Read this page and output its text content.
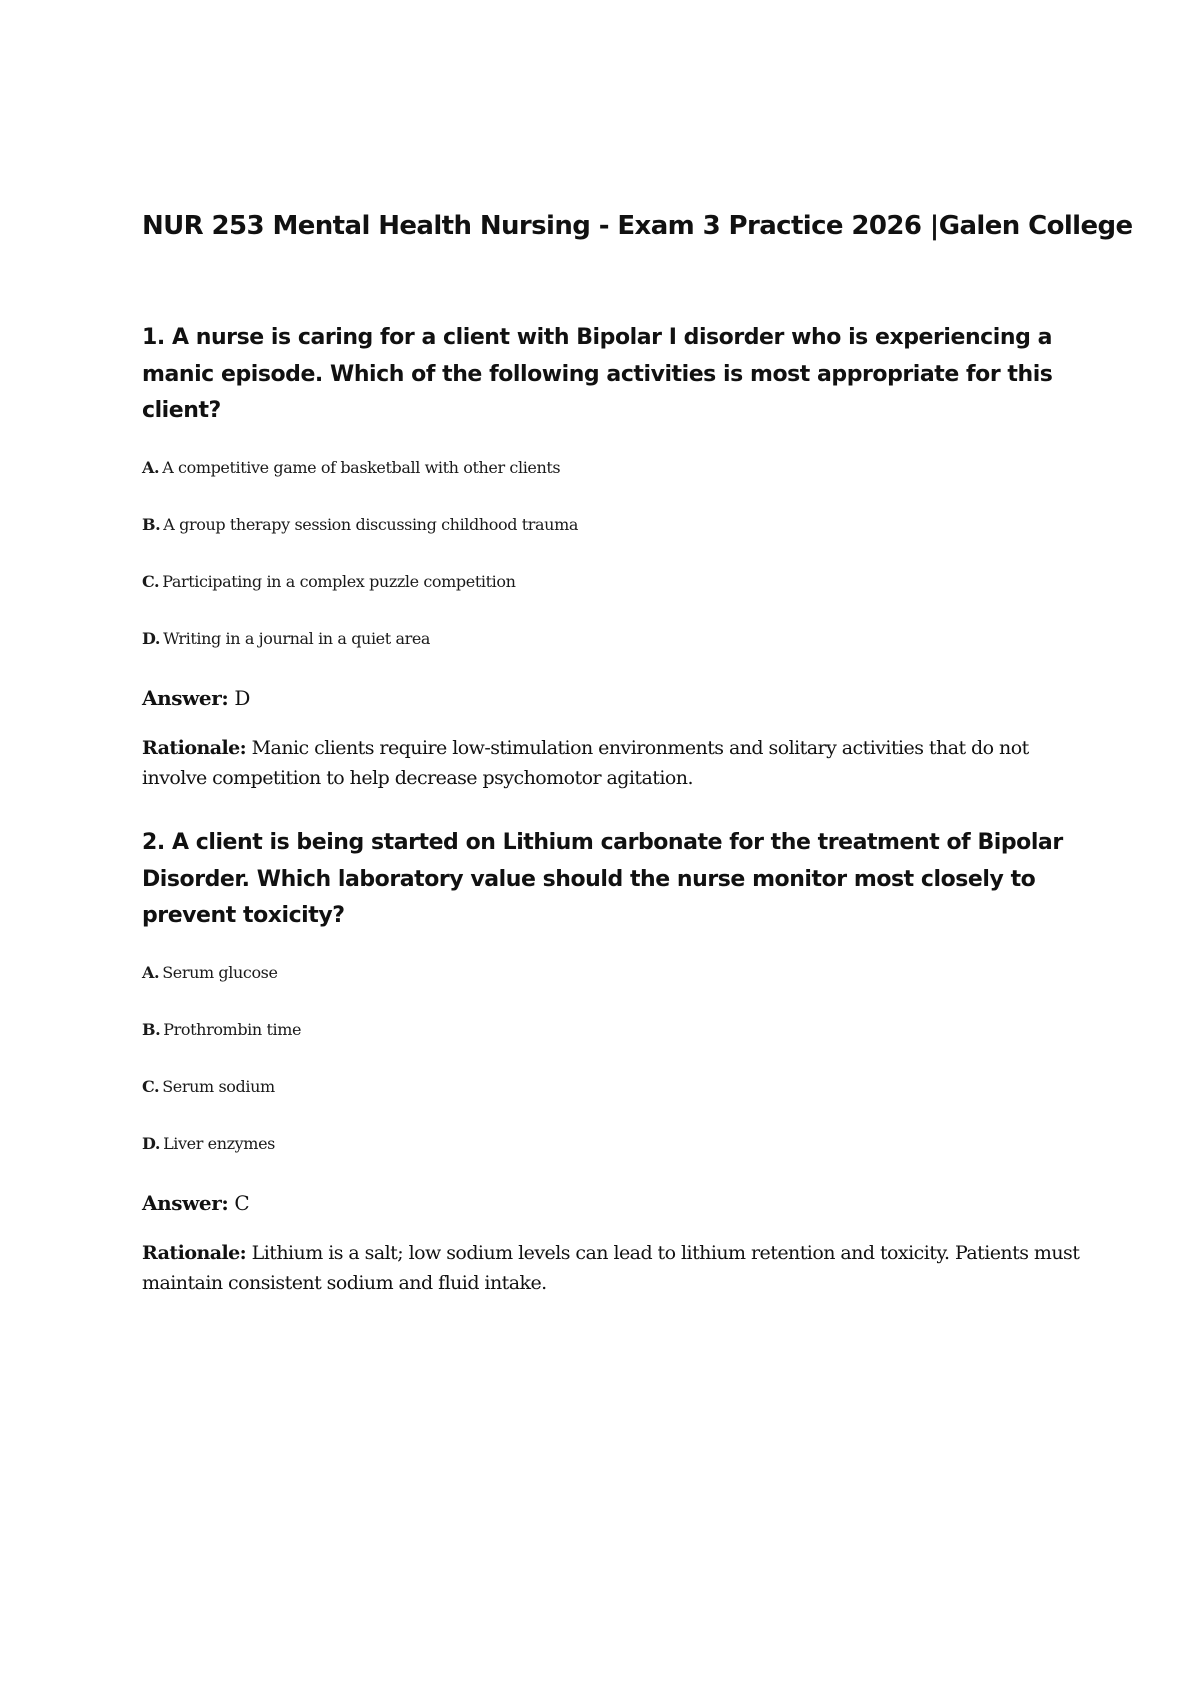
NUR 253 Mental Health Nursing - Exam 3 Practice 2026 |Galen College

1. A nurse is caring for a client with Bipolar I disorder who is experiencing a manic episode. Which of the following activities is most appropriate for this client?

A. A competitive game of basketball with other clients
B. A group therapy session discussing childhood trauma
C. Participating in a complex puzzle competition
D. Writing in a journal in a quiet area
Answer: D
Rationale: Manic clients require low-stimulation environments and solitary activities that do not involve competition to help decrease psychomotor agitation.

2. A client is being started on Lithium carbonate for the treatment of Bipolar Disorder. Which laboratory value should the nurse monitor most closely to prevent toxicity?

A. Serum glucose
B. Prothrombin time
C. Serum sodium
D. Liver enzymes
Answer: C
Rationale: Lithium is a salt; low sodium levels can lead to lithium retention and toxicity. Patients must maintain consistent sodium and fluid intake.
